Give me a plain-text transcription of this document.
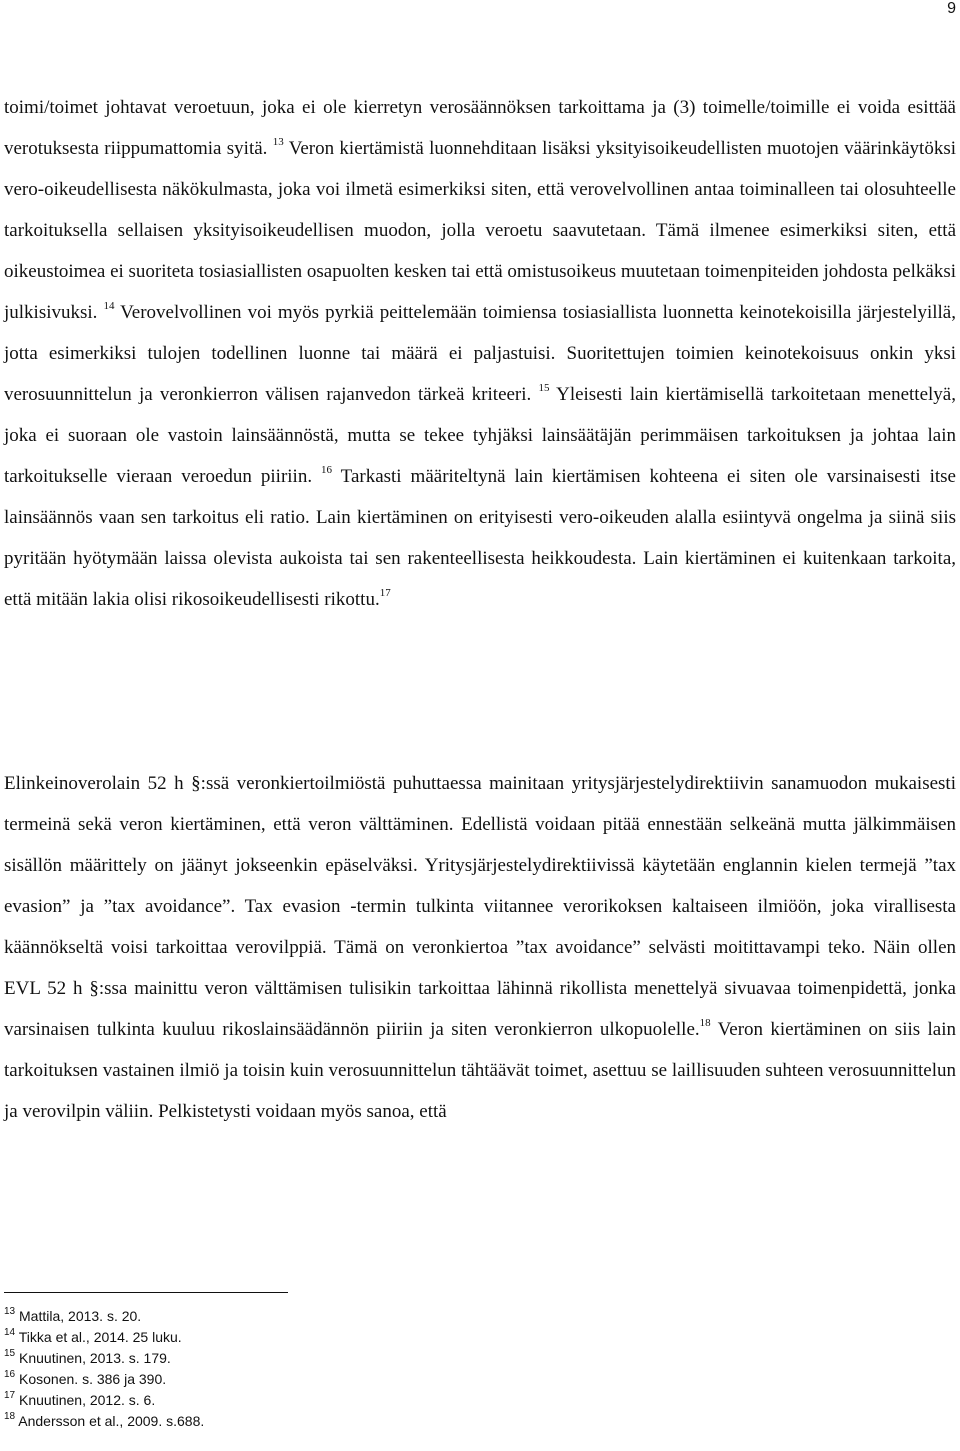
9

toimi/toimet johtavat veroetuun, joka ei ole kierretyn verosäännöksen tarkoittama ja (3) toimelle/toimille ei voida esittää verotuksesta riippumattomia syitä. $^{13}$ Veron kiertämistä luonnehditaan lisäksi yksityisoikeudellisten muotojen väärinkäytöksi vero-oikeudellisesta näkökulmasta, joka voi ilmetä esimerkiksi siten, että verovelvollinen antaa toiminalleen tai olosuhteelle tarkoituksella sellaisen yksityisoikeudellisen muodon, jolla veroetu saavutetaan. Tämä ilmenee esimerkiksi siten, että oikeustoimea ei suoriteta tosiasiallisten osapuolten kesken tai että omistusoikeus muutetaan toimenpiteiden johdosta pelkäksi julkisivuksi. $^{14}$ Verovelvollinen voi myös pyrkiä peittelemään toimiensa tosiasiallista luonnetta keinotekoisilla järjestelyillä, jotta esimerkiksi tulojen todellinen luonne tai määrä ei paljastuisi. Suoritettujen toimien keinotekoisuus onkin yksi verosuunnittelun ja veronkierron välisen rajanvedon tärkeä kriteeri. $^{15}$ Yleisesti lain kiertämisellä tarkoitetaan menettelyä, joka ei suoraan ole vastoin lainsäännöstä, mutta se tekee tyhjäksi lainsäätäjän perimmäisen tarkoituksen ja johtaa lain tarkoitukselle vieraan veroedun piiriin. $^{16}$ Tarkasti määriteltynä lain kiertämisen kohteena ei siten ole varsinaisesti itse lainsäännös vaan sen tarkoitus eli ratio. Lain kiertäminen on erityisesti vero-oikeuden alalla esiintyvä ongelma ja siinä siis pyritään hyötymään laissa olevista aukoista tai sen rakenteellisesta heikkoudesta. Lain kiertäminen ei kuitenkaan tarkoita, että mitään lakia olisi rikosoikeudellisesti rikottu.$^{17}$

Elinkeinoverolain 52 h §:ssä veronkiertoilmiöstä puhuttaessa mainitaan yritysjärjestelydirektiivin sanamuodon mukaisesti termeinä sekä veron kiertäminen, että veron välttäminen. Edellistä voidaan pitää ennestään selkeänä mutta jälkimmäisen sisällön määrittely on jäänyt jokseenkin epäselväksi. Yritysjärjestelydirektiivissä käytetään englannin kielen termejä ”tax evasion” ja ”tax avoidance”. Tax evasion -termin tulkinta viitannee verorikoksen kaltaiseen ilmiöön, joka virallisesta käännökseltä voisi tarkoittaa verovilppiä. Tämä on veronkiertoa ”tax avoidance” selvästi moitittavampi teko. Näin ollen EVL 52 h §:ssa mainittu veron välttämisen tulisikin tarkoittaa lähinnä rikollista menettelyä sivuavaa toimenpidettä, jonka varsinaisen tulkinta kuuluu rikoslainsäädännön piiriin ja siten veronkierron ulkopuolelle.$^{18}$ Veron kiertäminen on siis lain tarkoituksen vastainen ilmiö ja toisin kuin verosuunnittelun tähtäävät toimet, asettuu se laillisuuden suhteen verosuunnittelun ja verovilpin väliin. Pelkistetysti voidaan myös sanoa, että

$^{13}$ Mattila, 2013. s. 20.
$^{14}$ Tikka et al., 2014. 25 luku.
$^{15}$ Knuutinen, 2013. s. 179.
$^{16}$ Kosonen. s. 386 ja 390.
$^{17}$ Knuutinen, 2012. s. 6.
$^{18}$ Andersson et al., 2009. s.688.
